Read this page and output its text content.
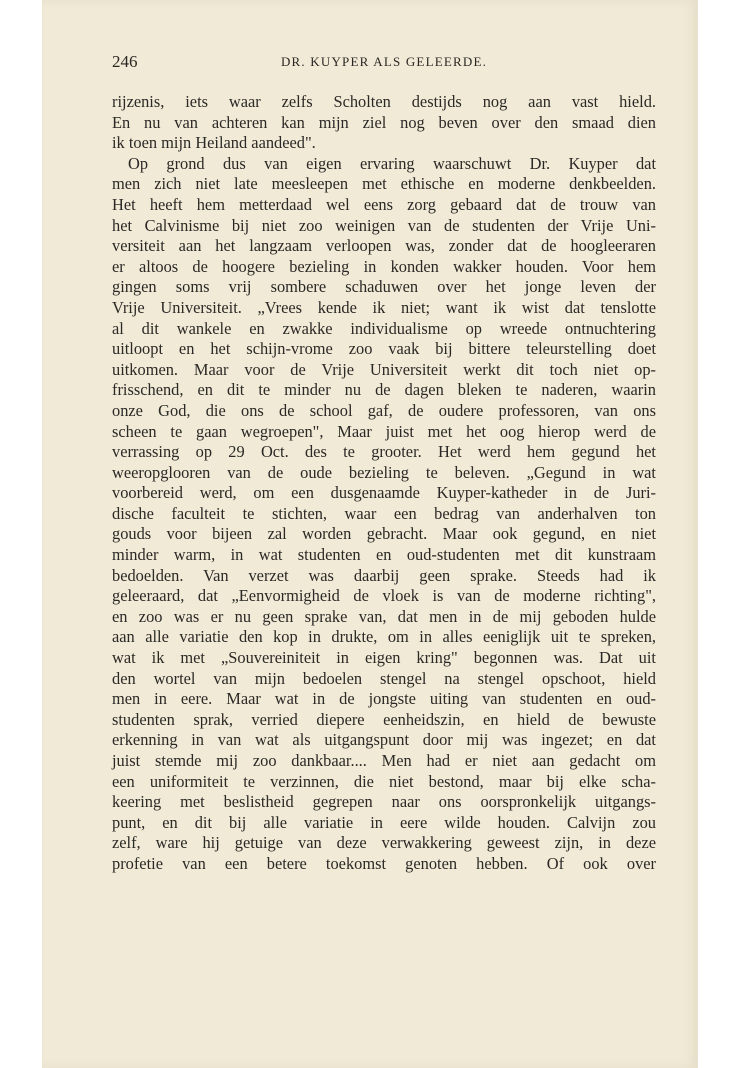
246	DR. KUYPER ALS GELEERDE.
rijzenis, iets waar zelfs Scholten destijds nog aan vast hield.
En nu van achteren kan mijn ziel nog beven over den smaad dien
ik toen mijn Heiland aandeed".
Op grond dus van eigen ervaring waarschuwt Dr. Kuyper dat
men zich niet late meesleepen met ethische en moderne denkbeelden.
Het heeft hem metterdaad wel eens zorg gebaard dat de trouw van
het Calvinisme bij niet zoo weinigen van de studenten der Vrije Uni-
versiteit aan het langzaam verloopen was, zonder dat de hoogleeraren
er altoos de hoogere bezieling in konden wakker houden. Voor hem
gingen soms vrij sombere schaduwen over het jonge leven der
Vrije Universiteit. „Vrees kende ik niet; want ik wist dat tenslotte
al dit wankele en zwakke individualisme op wreede ontnuchtering
uitloopt en het schijn-vrome zoo vaak bij bittere teleurstelling doet
uitkomen. Maar voor de Vrije Universiteit werkt dit toch niet op-
frisschend, en dit te minder nu de dagen bleken te naderen, waarin
onze God, die ons de school gaf, de oudere professoren, van ons
scheen te gaan wegroepen", Maar juist met het oog hierop werd de
verrassing op 29 Oct. des te grooter. Het werd hem gegund het
weeropglooren van de oude bezieling te beleven. „Gegund in wat
voorbereid werd, om een dusgenaamde Kuyper-katheder in de Juri-
dische faculteit te stichten, waar een bedrag van anderhalven ton
gouds voor bijeen zal worden gebracht. Maar ook gegund, en niet
minder warm, in wat studenten en oud-studenten met dit kunstraam
bedoelden. Van verzet was daarbij geen sprake. Steeds had ik
geleeraard, dat „Eenvormigheid de vloek is van de moderne richting",
en zoo was er nu geen sprake van, dat men in de mij geboden hulde
aan alle variatie den kop in drukte, om in alles eeniglijk uit te spreken,
wat ik met „Souvereiniteit in eigen kring" begonnen was. Dat uit
den wortel van mijn bedoelen stengel na stengel opschoot, hield
men in eere. Maar wat in de jongste uiting van studenten en oud-
studenten sprak, verried diepere eenheidszin, en hield de bewuste
erkenning in van wat als uitgangspunt door mij was ingezet; en dat
juist stemde mij zoo dankbaar.... Men had er niet aan gedacht om
een uniformiteit te verzinnen, die niet bestond, maar bij elke scha-
keering met beslistheid gegrepen naar ons oorspronkelijk uitgangs-
punt, en dit bij alle variatie in eere wilde houden. Calvijn zou
zelf, ware hij getuige van deze verwakkering geweest zijn, in deze
profetie van een betere toekomst genoten hebben. Of ook over
